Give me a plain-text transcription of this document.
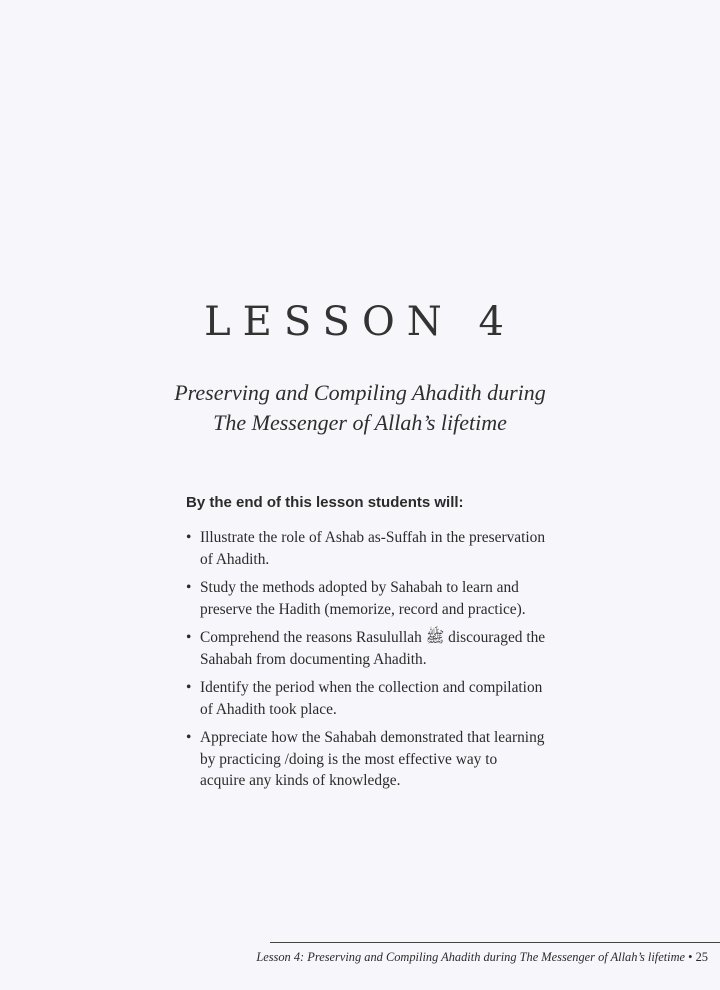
LESSON 4
Preserving and Compiling Ahadith during
The Messenger of Allah’s lifetime

By the end of this lesson students will:

• Illustrate the role of Ashab as-Suffah in the preservation of Ahadith.
• Study the methods adopted by Sahabah to learn and preserve the Hadith (memorize, record and practice).
• Comprehend the reasons Rasulullah ﷺ discouraged the Sahabah from documenting Ahadith.
• Identify the period when the collection and compilation of Ahadith took place.
• Appreciate how the Sahabah demonstrated that learning by practicing /doing is the most effective way to acquire any kinds of knowledge.
Lesson 4: Preserving and Compiling Ahadith during The Messenger of Allah’s lifetime • 25
